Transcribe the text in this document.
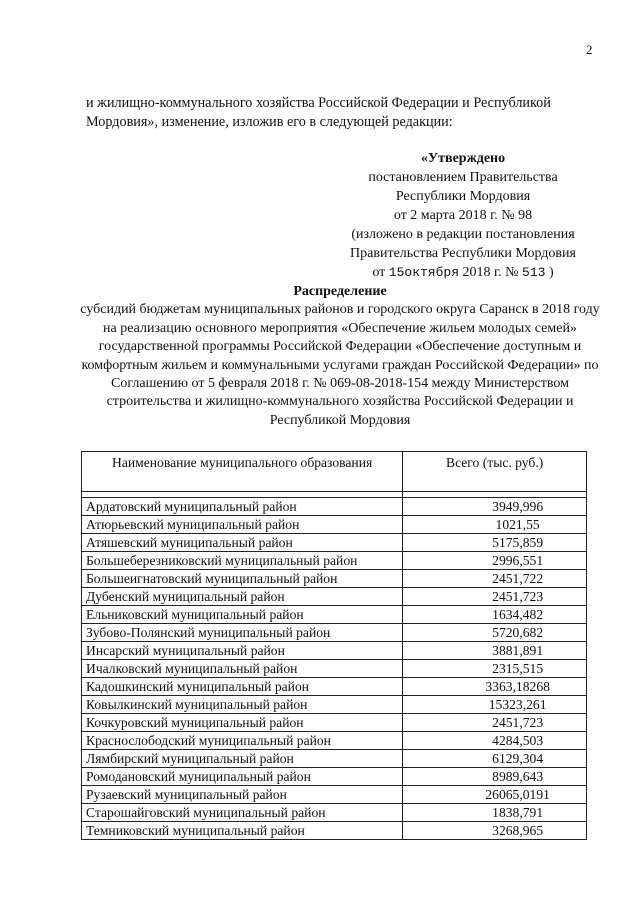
2
и жилищно-коммунального хозяйства Российской Федерации и Республикой Мордовия», изменение, изложив его в следующей редакции:
«Утверждено
постановлением Правительства
Республики Мордовия
от 2 марта 2018 г. № 98
(изложено в редакции постановления
Правительства Республики Мордовия
от 15октября 2018 г. № 513 )
Распределение
субсидий бюджетам муниципальных районов и городского округа Саранск в 2018 году на реализацию основного мероприятия «Обеспечение жильем молодых семей» государственной программы Российской Федерации «Обеспечение доступным и комфортным жильем и коммунальными услугами граждан Российской Федерации» по Соглашению от 5 февраля 2018 г. № 069-08-2018-154 между Министерством строительства и жилищно-коммунального хозяйства Российской Федерации и Республикой Мордовия
Наименование муниципального образования	Всего (тыс. руб.)

Ардатовский муниципальный район	3949,996
Атюрьевский муниципальный район	1021,55
Атяшевский муниципальный район	5175,859
Большеберезниковский муниципальный район	2996,551
Большеигнатовский муниципальный район	2451,722
Дубенский муниципальный район	2451,723
Ельниковский муниципальный район	1634,482
Зубово-Полянский муниципальный район	5720,682
Инсарский муниципальный район	3881,891
Ичалковский муниципальный район	2315,515
Кадошкинский муниципальный район	3363,18268
Ковылкинский муниципальный район	15323,261
Кочкуровский муниципальный район	2451,723
Краснослободский муниципальный район	4284,503
Лямбирский муниципальный район	6129,304
Ромодановский муниципальный район	8989,643
Рузаевский муниципальный район	26065,0191
Старошайговский муниципальный район	1838,791
Темниковский муниципальный район	3268,965
